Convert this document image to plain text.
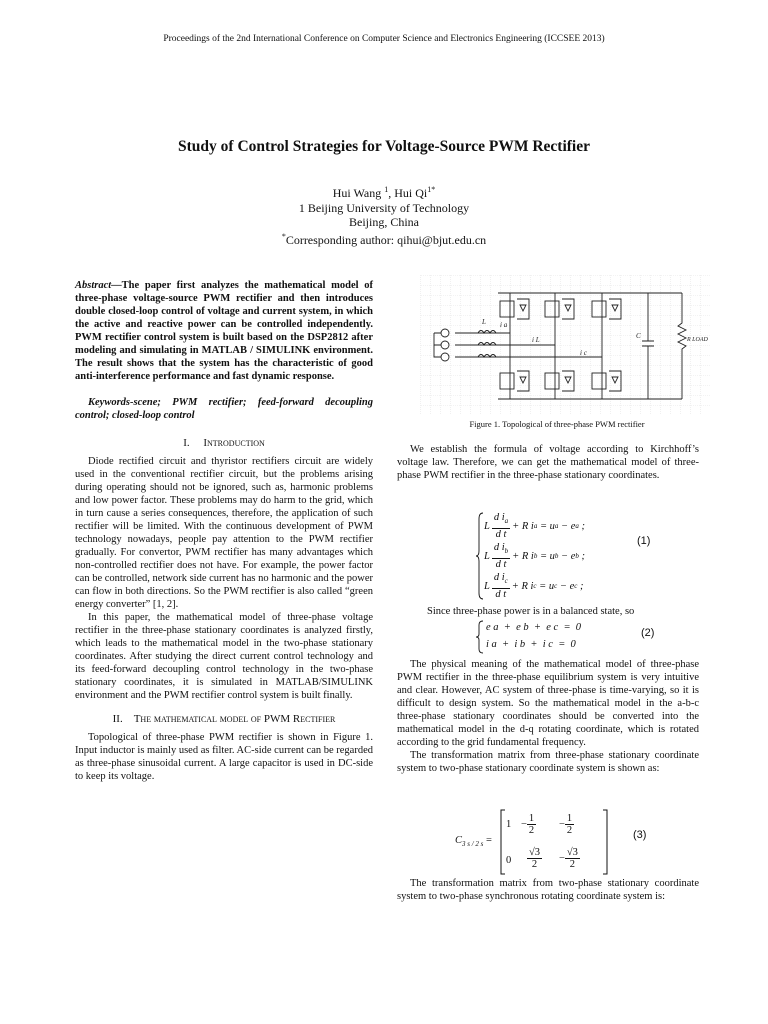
Proceedings of the 2nd International Conference on Computer Science and Electronics Engineering (ICCSEE 2013)
Study of Control Strategies for Voltage-Source PWM Rectifier
Hui Wang $^1$, Hui $Qi^{1*}$
1 Beijing University of Technology
Beijing, China
*Corresponding author: qihui@bjut.edu.cn

Abstract—The paper first analyzes the mathematical model of three-phase voltage-source PWM rectifier and then introduces double closed-loop control of voltage and current system, in which the active and reactive power can be controlled independently. PWM rectifier control system is built based on the DSP2812 after modeling and simulating in MATLAB / SIMULINK environment. The result shows that the system has the characteristic of good anti-interference performance and fast dynamic response.

Keywords-scene; PWM rectifier; feed-forward decoupling control; closed-loop control

I. Introduction

Diode rectified circuit and thyristor rectifiers circuit are widely used in the conventional rectifier circuit, but the problems arising during operating should not be ignored, such as, harmonic problems and low power factor. These problems may do harm to the grid, which in turn cause a series consequences, therefore, the application of such rectifier will be limited. With the continuous development of PWM technology nowadays, people pay attention to the PWM rectifier gradually. For convertor, PWM rectifier has many advantages which non-controlled rectifier does not have. For example, the power factor can be controlled, network side current has no harmonic and the power can flow in both directions. So the PWM rectifier is also called “green energy converter” [1, 2].

In this paper, the mathematical model of three-phase voltage rectifier in the three-phase stationary coordinates is analyzed firstly, which leads to the mathematical model in the two-phase stationary coordinates. After studying the direct current control technology and its feed-forward decoupling control technology in the two-phase stationary coordinates, it is simulated in MATLAB/SIMULINK environment and the PWM rectifier control system is built finally.

II. The mathematical model of PWM Rectifier

Topological of three-phase PWM rectifier is shown in Figure 1. Input inductor is mainly used as filter. AC-side current can be regarded as three-phase sinusoidal current. A large capacitor is used in DC-side to keep its voltage.

L i a
C	R LOAD
i L
i c
Figure 1. Topological of three-phase PWM rectifier

We establish the formula of voltage according to Kirchhoff’s voltage law. Therefore, we can get the mathematical model of three-phase PWM rectifier in the three-phase stationary coordinates.

L $\frac{d i_a}{\text{d t}} + R$ i a
= u a
− e a ;
L $\frac{d i_b}{\text{d t}} + R$ i b
= u b
− e b ;
L $\frac{d i_c}{\text{d t}} + R$ i c
= u c
− e c ;
(1)
Since three-phase power is in a balanced state, so
e a  +  e b  +  e c  =  0
i a  +  i b  +  i c  =  0
(2)

The physical meaning of the mathematical model of three-phase PWM rectifier in the three-phase equilibrium system is very intuitive and clear. However, AC system of three-phase is time-varying, so it is difficult to design system. So the mathematical model in the a-b-c three-phase stationary coordinates should be converted into the mathematical model in the d-q rotating coordinate, which is rotated according to the grid fundamental frequency.

The transformation matrix from three-phase stationary coordinate system to two-phase stationary coordinate system is shown as:

$C_{3 s / 2 s}$ =
$1 - \frac{1}{2} - \frac{1}{2}$
$0 \frac{√3}{2} - \frac{√3}{2}$
(3)

The transformation matrix from two-phase stationary coordinate system to two-phase synchronous rotating coordinate system is:
